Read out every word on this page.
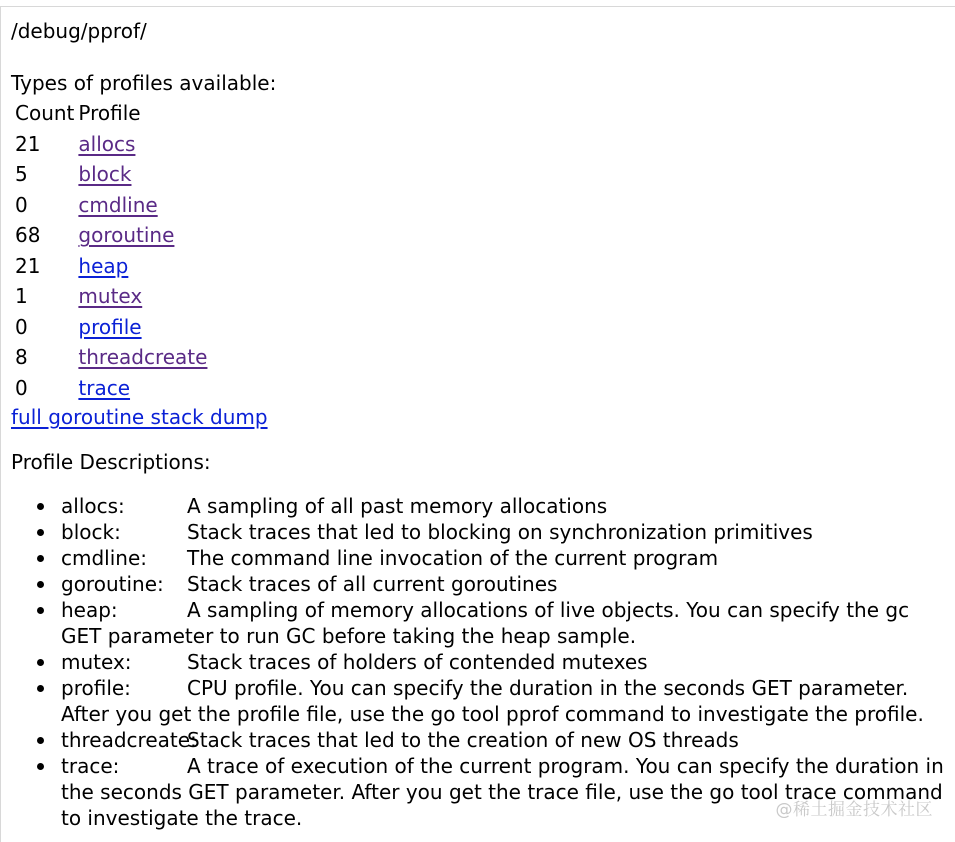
/debug/pprof/
Types of profiles available:
Count	Profile
21	allocs
5	block
0	cmdline
68	goroutine
21	heap
1	mutex
0	profile
8	threadcreate
0	trace
full goroutine stack dump
Profile Descriptions:
allocs:	A sampling of all past memory allocations
block:	Stack traces that led to blocking on synchronization primitives
cmdline: The command line invocation of the current program
goroutine: Stack traces of all current goroutines
heap:	A sampling of memory allocations of live objects. You can specify the gc GET parameter to run GC before taking the heap sample.
mutex:	Stack traces of holders of contended mutexes
profile:	CPU profile. You can specify the duration in the seconds GET parameter. After you get the profile file, use the go tool pprof command to investigate the profile.
threadcreate:Stack traces that led to the creation of new OS threads
trace:	A trace of execution of the current program. You can specify the duration in the seconds GET parameter. After you get the trace file, use the go tool trace command to investigate the trace.	@稀土掘金技术社区
